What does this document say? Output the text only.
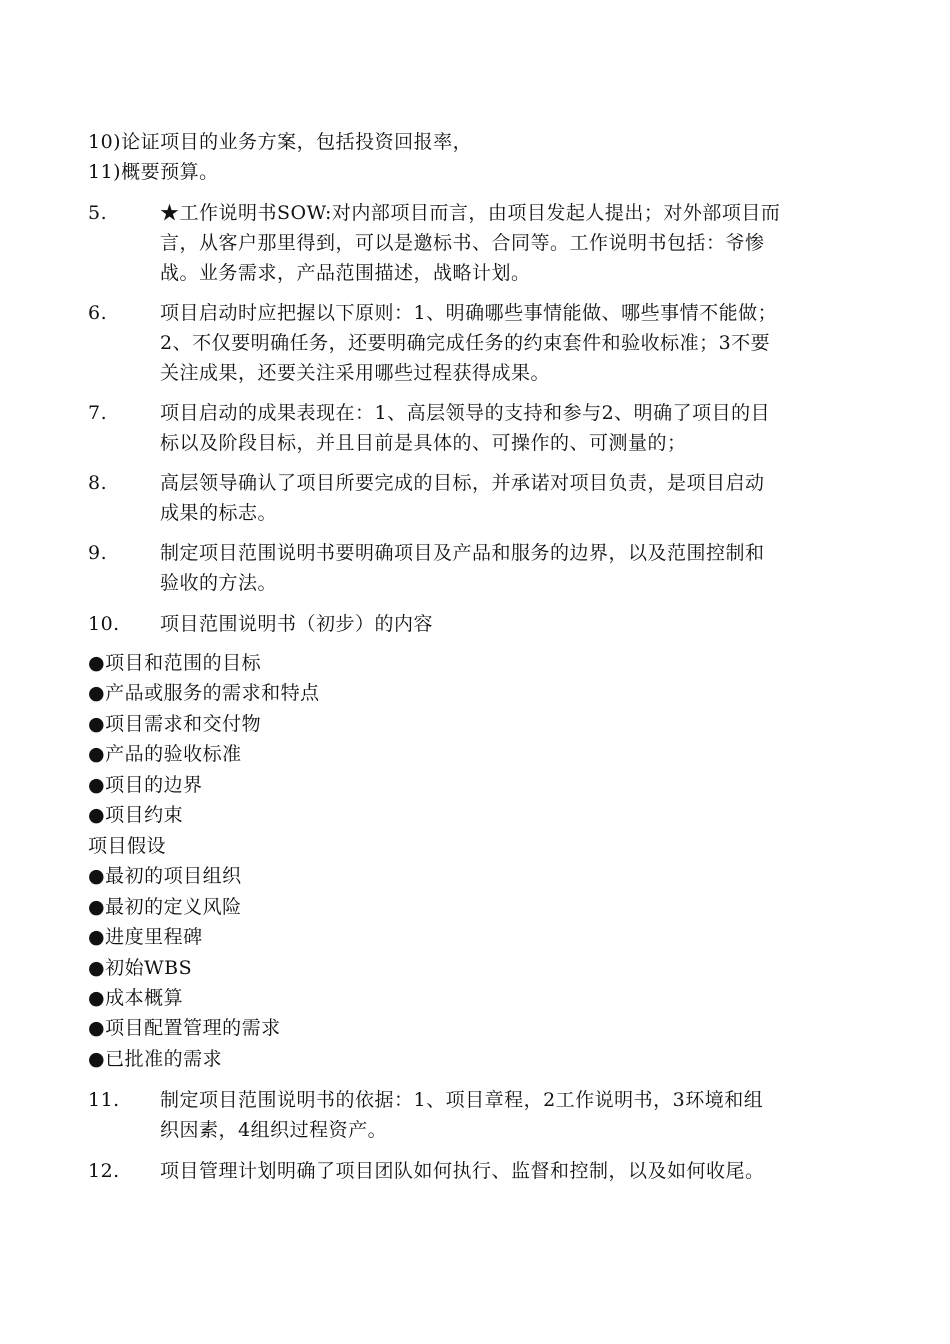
10)论证项目的业务方案，包括投资回报率，
11)概要预算。
5.	★工作说明书SOW:对内部项目而言，由项目发起人提出；对外部项目而
言，从客户那里得到，可以是邀标书、合同等。工作说明书包括：爷惨
战。业务需求，产品范围描述，战略计划。
6.	项目启动时应把握以下原则：1、明确哪些事情能做、哪些事情不能做；
2、不仅要明确任务，还要明确完成任务的约束套件和验收标准；3不要
关注成果，还要关注采用哪些过程获得成果。
7.	项目启动的成果表现在：1、高层领导的支持和参与2、明确了项目的目
标以及阶段目标，并且目前是具体的、可操作的、可测量的；
8.	高层领导确认了项目所要完成的目标，并承诺对项目负责，是项目启动
成果的标志。
9.	制定项目范围说明书要明确项目及产品和服务的边界，以及范围控制和
验收的方法。
10.	项目范围说明书（初步）的内容
●项目和范围的目标
●产品或服务的需求和特点
●项目需求和交付物
●产品的验收标准
●项目的边界
●项目约束
项目假设
●最初的项目组织
●最初的定义风险
●进度里程碑
●初始WBS
●成本概算
●项目配置管理的需求
●已批准的需求
11.	制定项目范围说明书的依据：1、项目章程，2工作说明书，3环境和组
织因素，4组织过程资产。
12.	项目管理计划明确了项目团队如何执行、监督和控制，以及如何收尾。
